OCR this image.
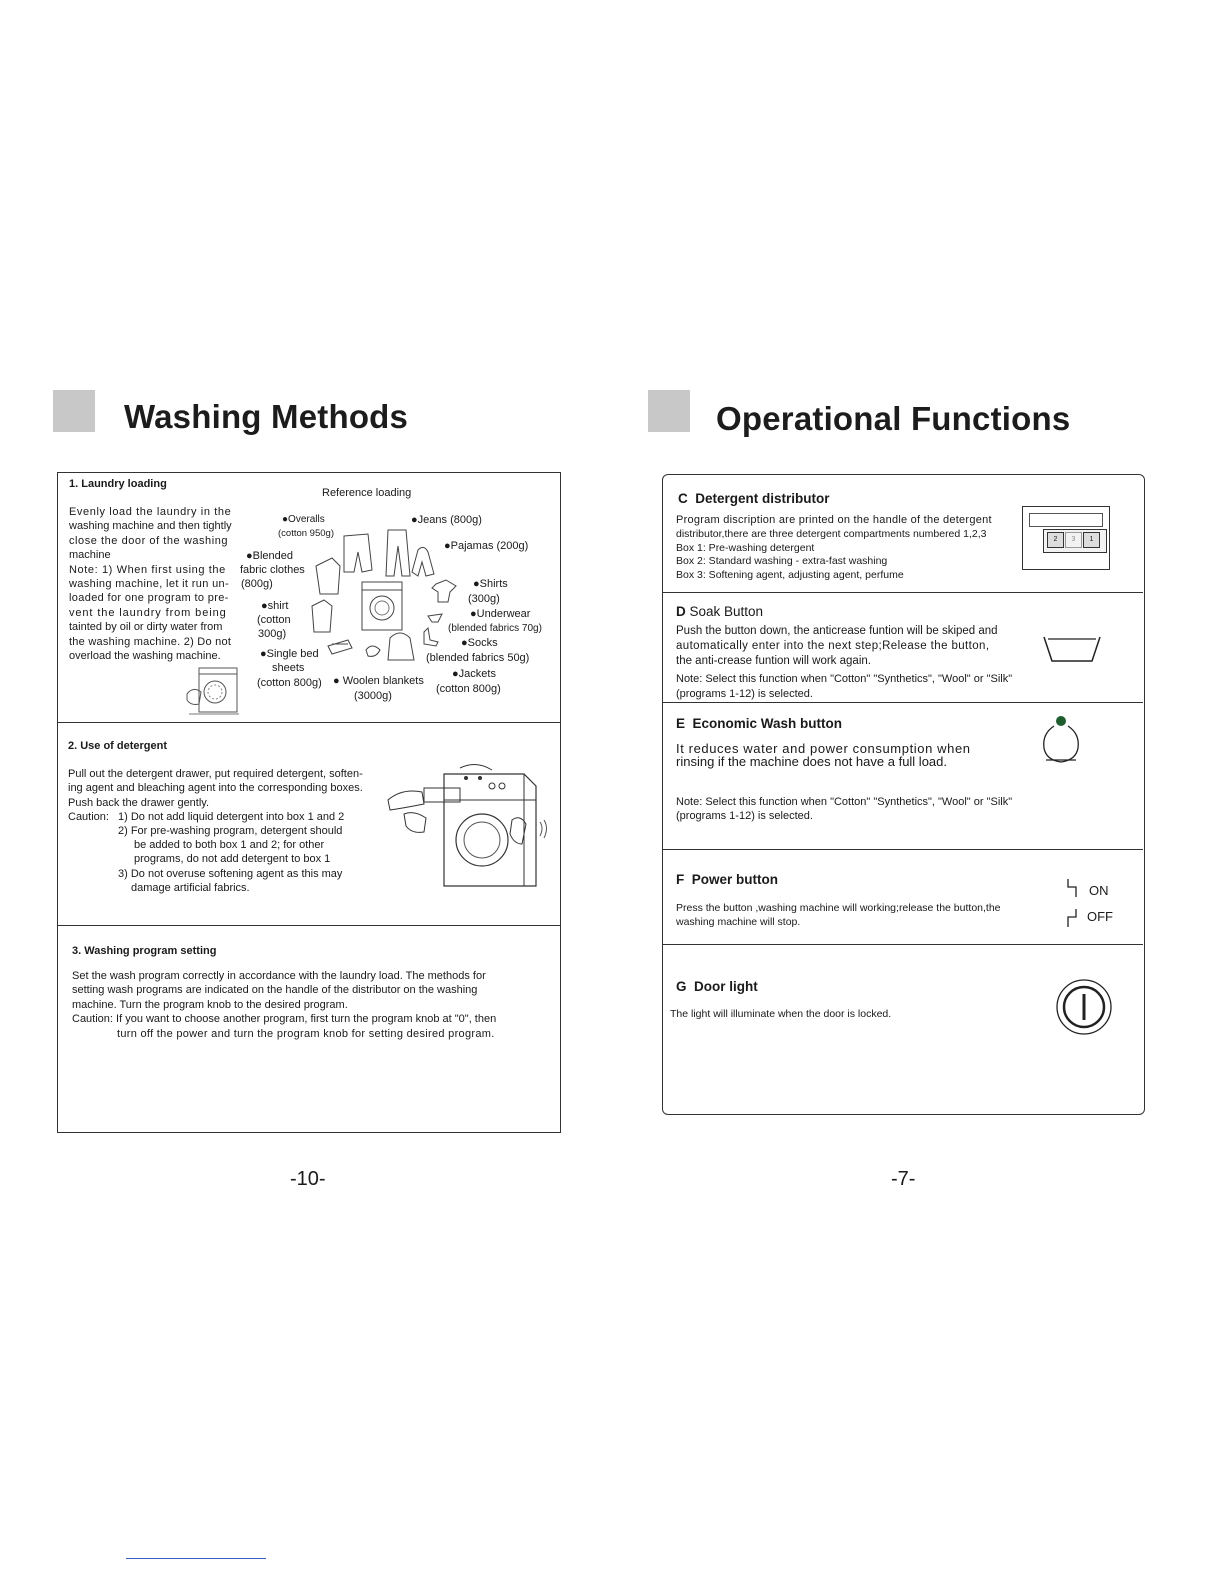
Washing Methods
1. Laundry loading
Reference loading
Evenly load the laundry in the
washing machine and then tightly
close the door of the washing
machine
Note: 1) When first using the
washing machine, let it run un-
loaded for one program to pre-
vent the laundry from being
tainted by oil or dirty water from
the washing machine. 2) Do not
overload the washing machine.
●Overalls
(cotton 950g)
●Jeans (800g)
●Pajamas (200g)
●Blended
fabric clothes
(800g)	●Shirts
(300g)
●shirt
(cotton
300g)
●Underwear
(blended fabrics 70g)
●Socks
(blended fabrics 50g)
●Single bed
sheets
(cotton 800g) ● Woolen blankets
(3000g)
●Jackets
(cotton 800g)
2. Use of detergent
Pull out the detergent drawer, put required detergent, soften-
ing agent and bleaching agent into the corresponding boxes.
Push back the drawer gently.
Caution: 1) Do not add liquid detergent into box 1 and 2
2) For pre-washing program, detergent should
be added to both box 1 and 2; for other
programs, do not add detergent to box 1
3) Do not overuse softening agent as this may
damage artificial fabrics.
3. Washing program setting
Set the wash program correctly in accordance with the laundry load. The methods for
setting wash programs are indicated on the handle of the distributor on the washing
machine. Turn the program knob to the desired program.
Caution: If you want to choose another program, first turn the program knob at "0", then
turn off the power and turn the program knob for setting desired program.
-10-
Operational Functions
C Detergent distributor
Program discription are printed on the handle of the detergent
distributor,there are three detergent compartments numbered 1,2,3
Box 1: Pre-washing detergent
Box 2: Standard washing - extra-fast washing
Box 3: Softening agent, adjusting agent, perfume
2	3	1
D Soak Button
Push the button down, the anticrease funtion will be skiped and
automatically enter into the next step;Release the button,
the anti-crease funtion will work again.
Note: Select this function when "Cotton" "Synthetics", "Wool" or "Silk"
(programs 1-12) is selected.
E Economic Wash button
It reduces water and power consumption when
rinsing if the machine does not have a full load.
Note: Select this function when "Cotton" "Synthetics", "Wool" or "Silk"
(programs 1-12) is selected.
F Power button
Press the button ,washing machine will working;release the button,the
washing machine will stop.
ON
OFF
G Door light
The light will illuminate when the door is locked.
-7-
